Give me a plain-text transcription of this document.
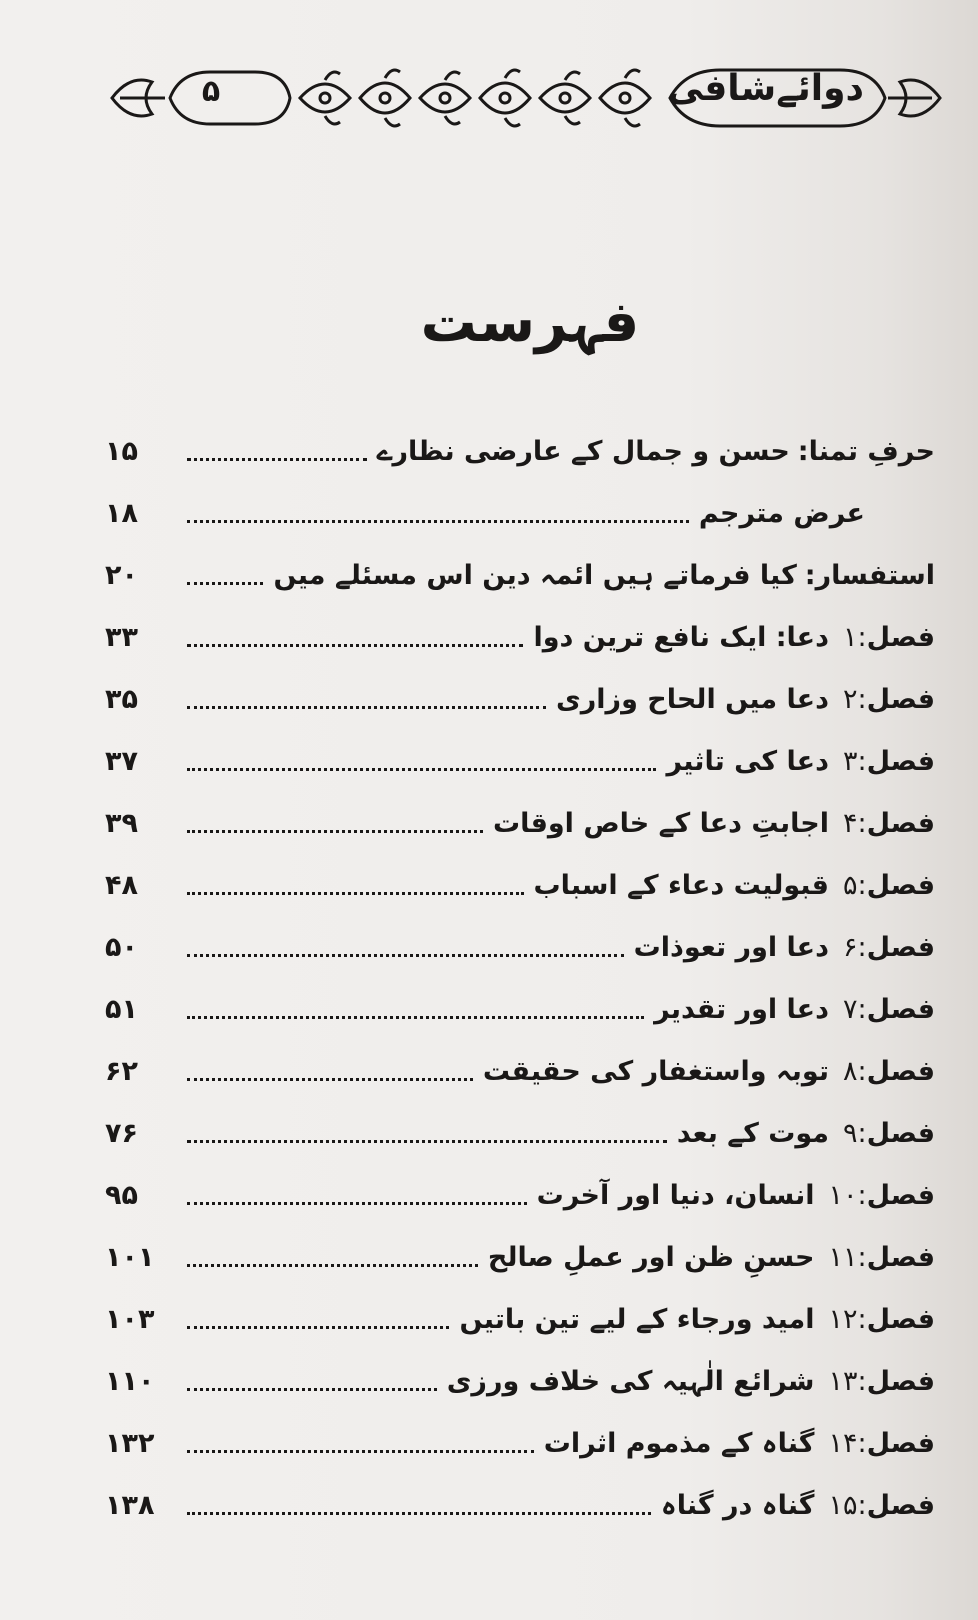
۵	دوائےشافی
فہرست
حرفِ تمنا:
حسن و جمال کے عارضی نظارے
۱۵
عرض مترجم
۱۸
استفسار:
کیا فرماتے ہیں ائمہ دین اس مسئلے میں
۲۰
فصل
:۱
دعا: ایک نافع ترین دوا
۳۳
فصل
:۲
دعا میں الحاح وزاری
۳۵
فصل
:۳
دعا کی تاثیر
۳۷
فصل
:۴
اجابتِ دعا کے خاص اوقات
۳۹
فصل
:۵
قبولیت دعاء کے اسباب
۴۸
فصل
:۶
دعا اور تعوذات
۵۰
فصل
:۷
دعا اور تقدیر
۵۱
فصل
:۸
توبہ واستغفار کی حقیقت
۶۲
فصل
:۹
موت کے بعد
۷۶
فصل
:۱۰
انسان، دنیا اور آخرت
۹۵
فصل
:۱۱
حسنِ ظن اور عملِ صالح
۱۰۱
فصل
:۱۲
امید ورجاء کے لیے تین باتیں
۱۰۳
فصل
:۱۳
شرائع الٰہیہ کی خلاف ورزی
۱۱۰
فصل
:۱۴
گناہ کے مذموم اثرات
۱۳۲
فصل
:۱۵
گناہ در گناہ
۱۳۸
